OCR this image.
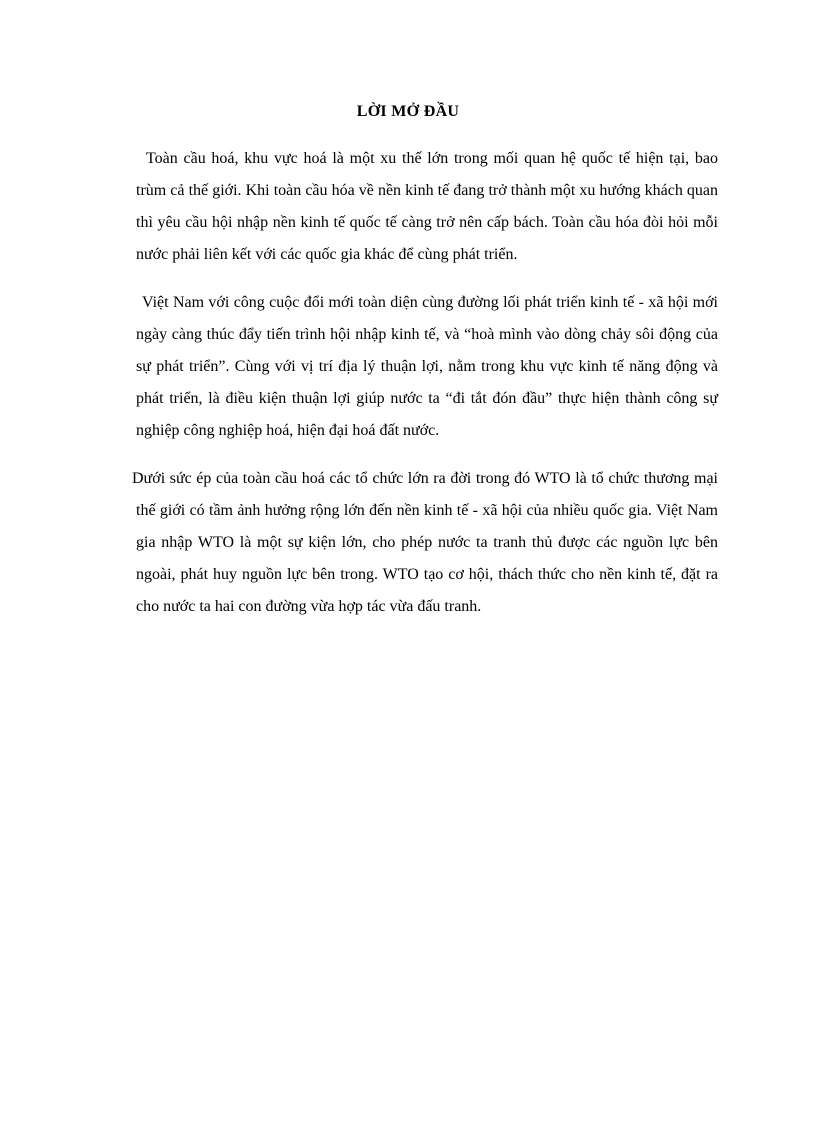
LỜI MỞ ĐẦU

Toàn cầu hoá, khu vực hoá là một xu thế lớn trong mối quan hệ quốc tế hiện tại, bao trùm cả thế giới. Khi toàn cầu hóa về nền kinh tế đang trở thành một xu hướng khách quan thì yêu cầu hội nhập nền kinh tế quốc tế càng trở nên cấp bách. Toàn cầu hóa đòi hỏi mỗi nước phải liên kết với các quốc gia khác để cùng phát triển.

Việt Nam với công cuộc đổi mới toàn diện cùng đường lối phát triển kinh tế - xã hội mới ngày càng thúc đẩy tiến trình hội nhập kinh tế, và “hoà mình vào dòng chảy sôi động của sự phát triển”. Cùng với vị trí địa lý thuận lợi, nằm trong khu vực kinh tế năng động và phát triển, là điều kiện thuận lợi giúp nước ta “đi tắt đón đầu” thực hiện thành công sự nghiệp công nghiệp hoá, hiện đại hoá đất nước.

Dưới sức ép của toàn cầu hoá các tổ chức lớn ra đời trong đó WTO là tổ chức thương mại thế giới có tầm ảnh hưởng rộng lớn đến nền kinh tế - xã hội của nhiều quốc gia. Việt Nam gia nhập WTO là một sự kiện lớn, cho phép nước ta tranh thủ được các nguồn lực bên ngoài, phát huy nguồn lực bên trong. WTO tạo cơ hội, thách thức cho nền kinh tế, đặt ra cho nước ta hai con đường vừa hợp tác vừa đấu tranh.
